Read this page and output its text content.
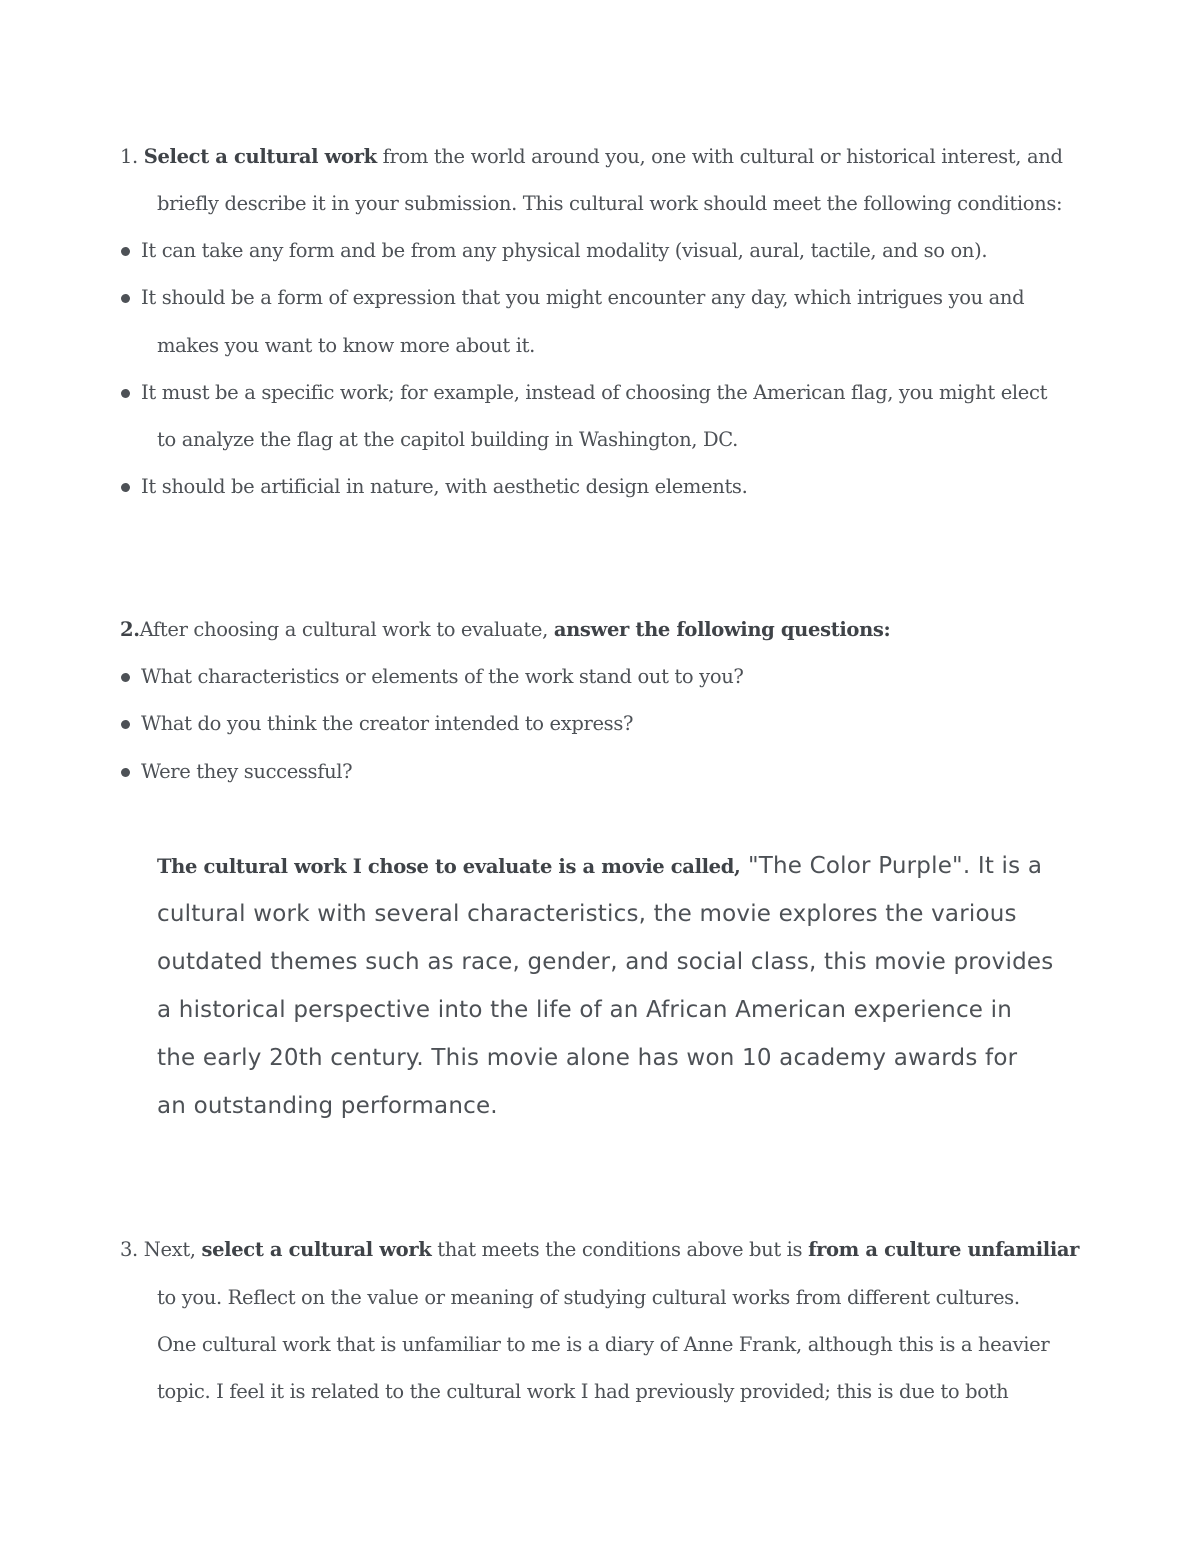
1. Select a cultural work from the world around you, one with cultural or historical interest, and
briefly describe it in your submission. This cultural work should meet the following conditions:
It can take any form and be from any physical modality (visual, aural, tactile, and so on).
It should be a form of expression that you might encounter any day, which intrigues you and
makes you want to know more about it.
It must be a specific work; for example, instead of choosing the American flag, you might elect
to analyze the flag at the capitol building in Washington, DC.
It should be artificial in nature, with aesthetic design elements.
2.After choosing a cultural work to evaluate, answer the following questions:
What characteristics or elements of the work stand out to you?
What do you think the creator intended to express?
Were they successful?
The cultural work I chose to evaluate is a movie called, "The Color Purple". It is a
cultural work with several characteristics, the movie explores the various
outdated themes such as race, gender, and social class, this movie provides
a historical perspective into the life of an African American experience in
the early 20th century. This movie alone has won 10 academy awards for
an outstanding performance.
3. Next, select a cultural work that meets the conditions above but is from a culture unfamiliar
to you. Reflect on the value or meaning of studying cultural works from different cultures.
One cultural work that is unfamiliar to me is a diary of Anne Frank, although this is a heavier
topic. I feel it is related to the cultural work I had previously provided; this is due to both
